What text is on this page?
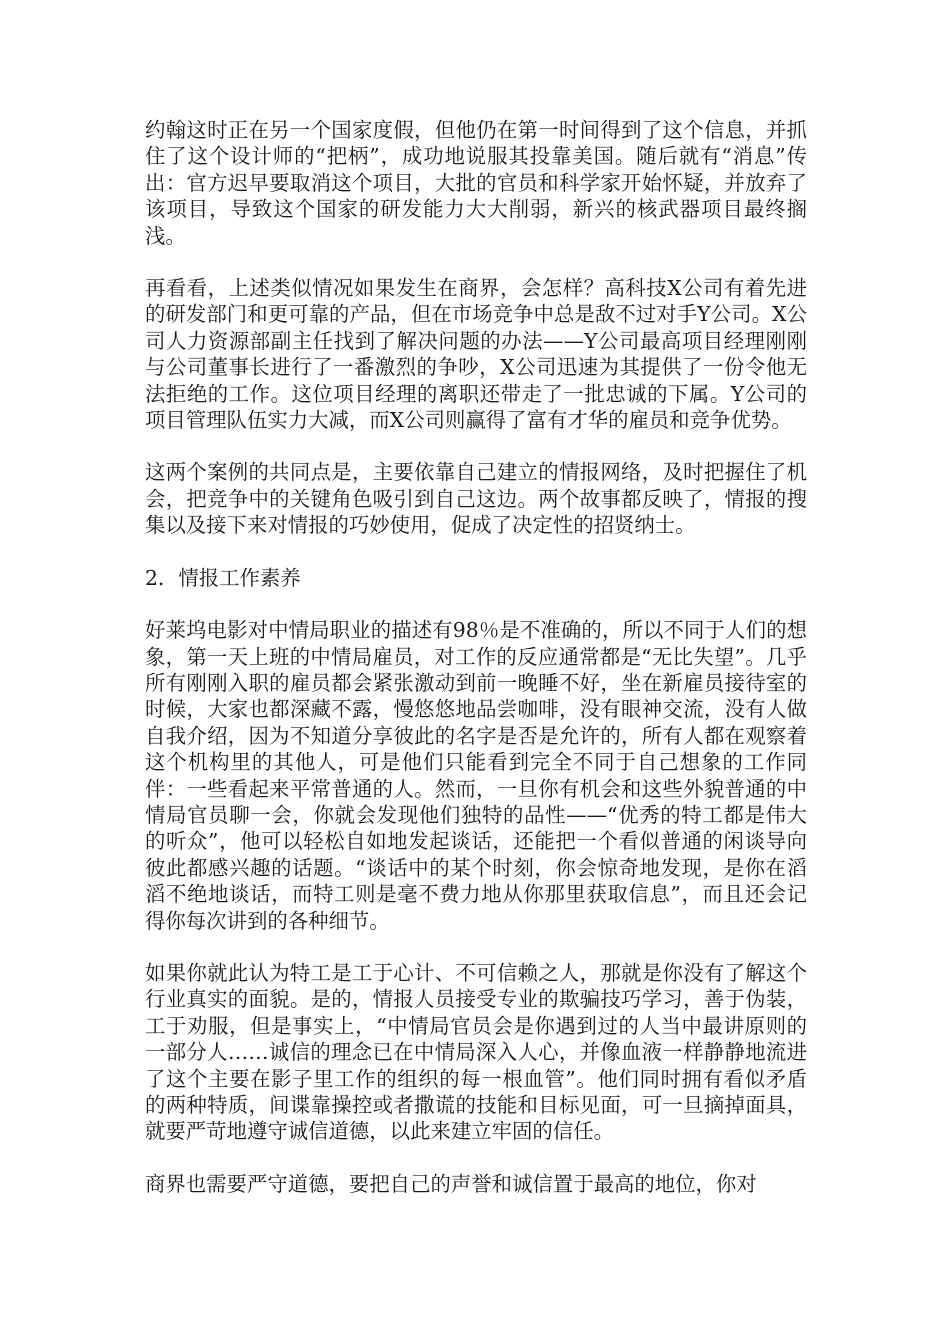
约翰这时正在另一个国家度假，但他仍在第一时间得到了这个信息，并抓住了这个设计师的“把柄”，成功地说服其投靠美国。随后就有“消息”传出：官方迟早要取消这个项目，大批的官员和科学家开始怀疑，并放弃了该项目，导致这个国家的研发能力大大削弱，新兴的核武器项目最终搁浅。

再看看，上述类似情况如果发生在商界，会怎样？高科技X公司有着先进的研发部门和更可靠的产品，但在市场竞争中总是敌不过对手Y公司。X公司人力资源部副主任找到了解决问题的办法——Y公司最高项目经理刚刚与公司董事长进行了一番激烈的争吵，X公司迅速为其提供了一份令他无法拒绝的工作。这位项目经理的离职还带走了一批忠诚的下属。Y公司的项目管理队伍实力大减，而X公司则赢得了富有才华的雇员和竞争优势。

这两个案例的共同点是，主要依靠自己建立的情报网络，及时把握住了机会，把竞争中的关键角色吸引到自己这边。两个故事都反映了，情报的搜集以及接下来对情报的巧妙使用，促成了决定性的招贤纳士。

2．情报工作素养

好莱坞电影对中情局职业的描述有98％是不准确的，所以不同于人们的想象，第一天上班的中情局雇员，对工作的反应通常都是“无比失望”。几乎所有刚刚入职的雇员都会紧张激动到前一晚睡不好，坐在新雇员接待室的时候，大家也都深藏不露，慢悠悠地品尝咖啡，没有眼神交流，没有人做自我介绍，因为不知道分享彼此的名字是否是允许的，所有人都在观察着这个机构里的其他人，可是他们只能看到完全不同于自己想象的工作同伴：一些看起来平常普通的人。然而，一旦你有机会和这些外貌普通的中情局官员聊一会，你就会发现他们独特的品性——“优秀的特工都是伟大的听众”，他可以轻松自如地发起谈话，还能把一个看似普通的闲谈导向彼此都感兴趣的话题。“谈话中的某个时刻，你会惊奇地发现，是你在滔滔不绝地谈话，而特工则是毫不费力地从你那里获取信息”，而且还会记得你每次讲到的各种细节。

如果你就此认为特工是工于心计、不可信赖之人，那就是你没有了解这个行业真实的面貌。是的，情报人员接受专业的欺骗技巧学习，善于伪装，工于劝服，但是事实上，“中情局官员会是你遇到过的人当中最讲原则的一部分人……诚信的理念已在中情局深入人心，并像血液一样静静地流进了这个主要在影子里工作的组织的每一根血管”。他们同时拥有看似矛盾的两种特质，间谍靠操控或者撒谎的技能和目标见面，可一旦摘掉面具，就要严苛地遵守诚信道德，以此来建立牢固的信任。

商界也需要严守道德，要把自己的声誉和诚信置于最高的地位，你对
